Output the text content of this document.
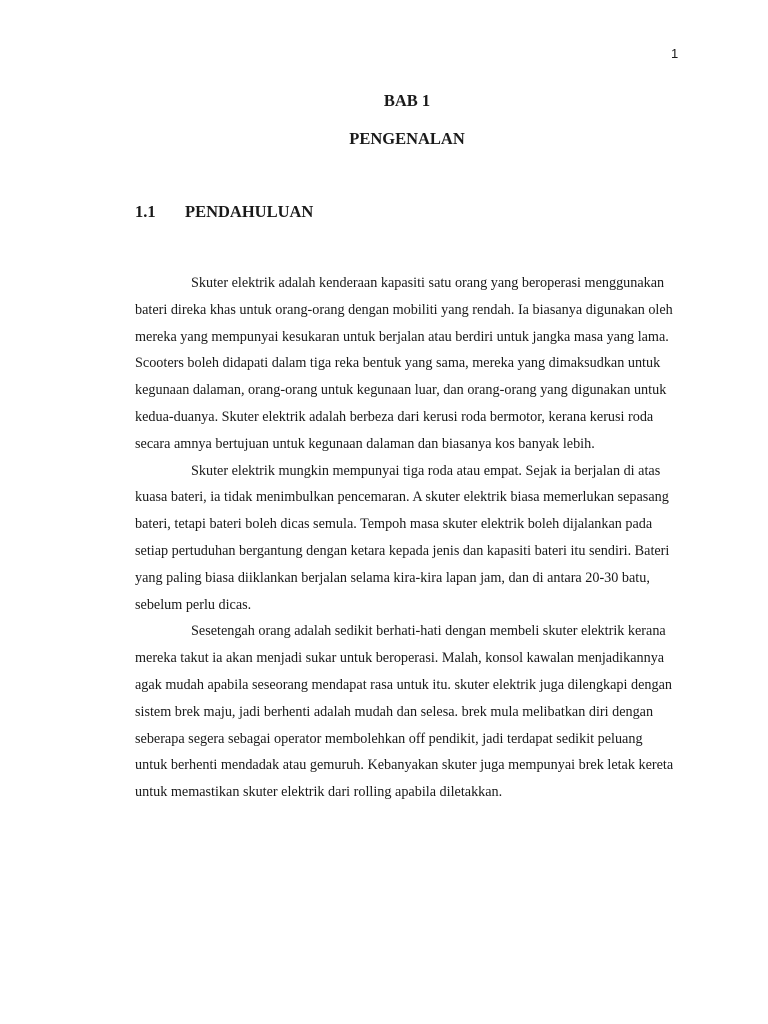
1
BAB 1
PENGENALAN
1.1 PENDAHULUAN

Skuter elektrik adalah kenderaan kapasiti satu orang yang beroperasi menggunakan bateri direka khas untuk orang-orang dengan mobiliti yang rendah. Ia biasanya digunakan oleh mereka yang mempunyai kesukaran untuk berjalan atau berdiri untuk jangka masa yang lama. Scooters boleh didapati dalam tiga reka bentuk yang sama, mereka yang dimaksudkan untuk kegunaan dalaman, orang-orang untuk kegunaan luar, dan orang-orang yang digunakan untuk kedua-duanya. Skuter elektrik adalah berbeza dari kerusi roda bermotor, kerana kerusi roda secara amnya bertujuan untuk kegunaan dalaman dan biasanya kos banyak lebih.

Skuter elektrik mungkin mempunyai tiga roda atau empat. Sejak ia berjalan di atas kuasa bateri, ia tidak menimbulkan pencemaran. A skuter elektrik biasa memerlukan sepasang bateri, tetapi bateri boleh dicas semula. Tempoh masa skuter elektrik boleh dijalankan pada setiap pertuduhan bergantung dengan ketara kepada jenis dan kapasiti bateri itu sendiri. Bateri yang paling biasa diiklankan berjalan selama kira-kira lapan jam, dan di antara 20-30 batu, sebelum perlu dicas.

Sesetengah orang adalah sedikit berhati-hati dengan membeli skuter elektrik kerana mereka takut ia akan menjadi sukar untuk beroperasi. Malah, konsol kawalan menjadikannya agak mudah apabila seseorang mendapat rasa untuk itu. skuter elektrik juga dilengkapi dengan sistem brek maju, jadi berhenti adalah mudah dan selesa. brek mula melibatkan diri dengan seberapa segera sebagai operator membolehkan off pendikit, jadi terdapat sedikit peluang untuk berhenti mendadak atau gemuruh. Kebanyakan skuter juga mempunyai brek letak kereta untuk memastikan skuter elektrik dari rolling apabila diletakkan.
